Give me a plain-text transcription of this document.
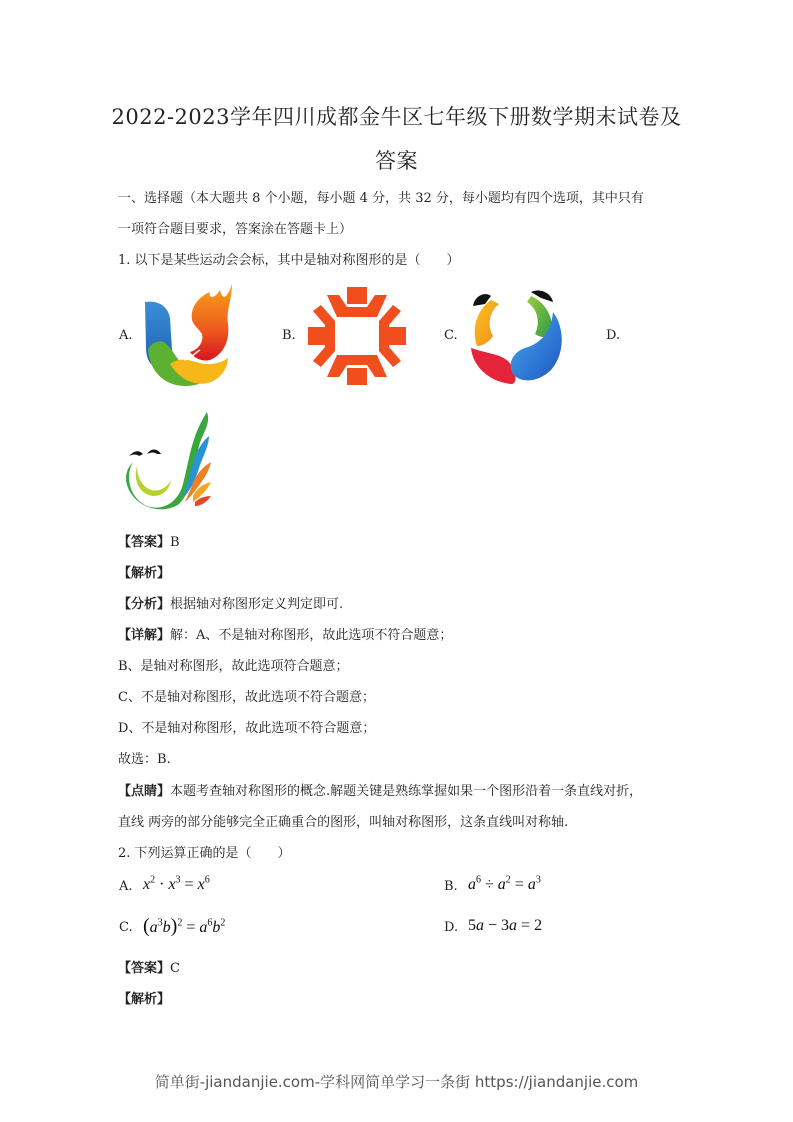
2022-2023学年四川成都金牛区七年级下册数学期末试卷及
答案
一、选择题（本大题共 8 个小题，每小题 4 分，共 32 分，每小题均有四个选项，其中只有
一项符合题目要求，答案涂在答题卡上）
1. 以下是某些运动会会标，其中是轴对称图形的是（　　）
A.	B.	C.	D.
【答案】B
【解析】
【分析】根据轴对称图形定义判定即可.
【详解】解：A、不是轴对称图形，故此选项不符合题意；
B、是轴对称图形，故此选项符合题意；
C、不是轴对称图形，故此选项不符合题意；
D、不是轴对称图形，故此选项不符合题意；
故选：B.
【点睛】本题考查轴对称图形的概念.解题关键是熟练掌握如果一个图形沿着一条直线对折，
直线 两旁的部分能够完全正确重合的图形，叫轴对称图形，这条直线叫对称轴.
2. 下列运算正确的是（　　）
A. $x^2 \cdot x^3 = x^6$	B. $a^6 \div a^2 = a^3$
C. $(a^3b)^2 = a^6b^2$	D. 5a − 3a = 2
【答案】C
【解析】
简单街-jiandanjie.com-学科网简单学习一条街 https://jiandanjie.com
